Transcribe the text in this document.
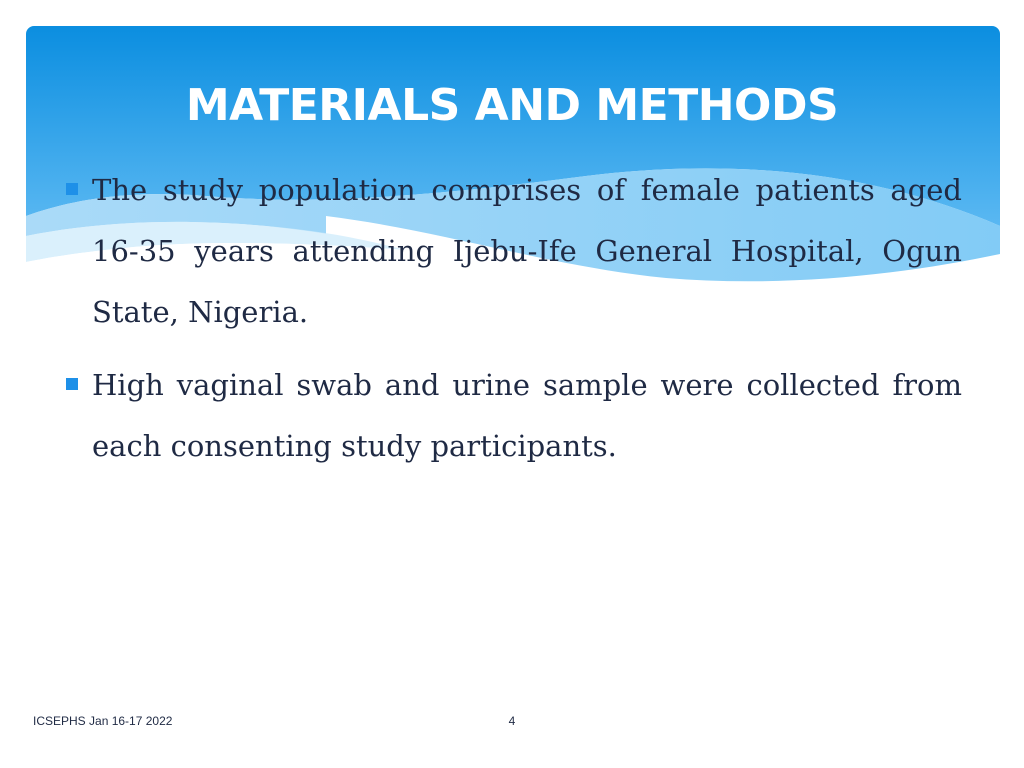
MATERIALS AND METHODS
The study population comprises of female patients aged 16-35 years attending Ijebu-Ife General Hospital, Ogun State, Nigeria.
High vaginal swab and urine sample were collected from each consenting study participants.
ICSEPHS Jan 16-17 2022	4
